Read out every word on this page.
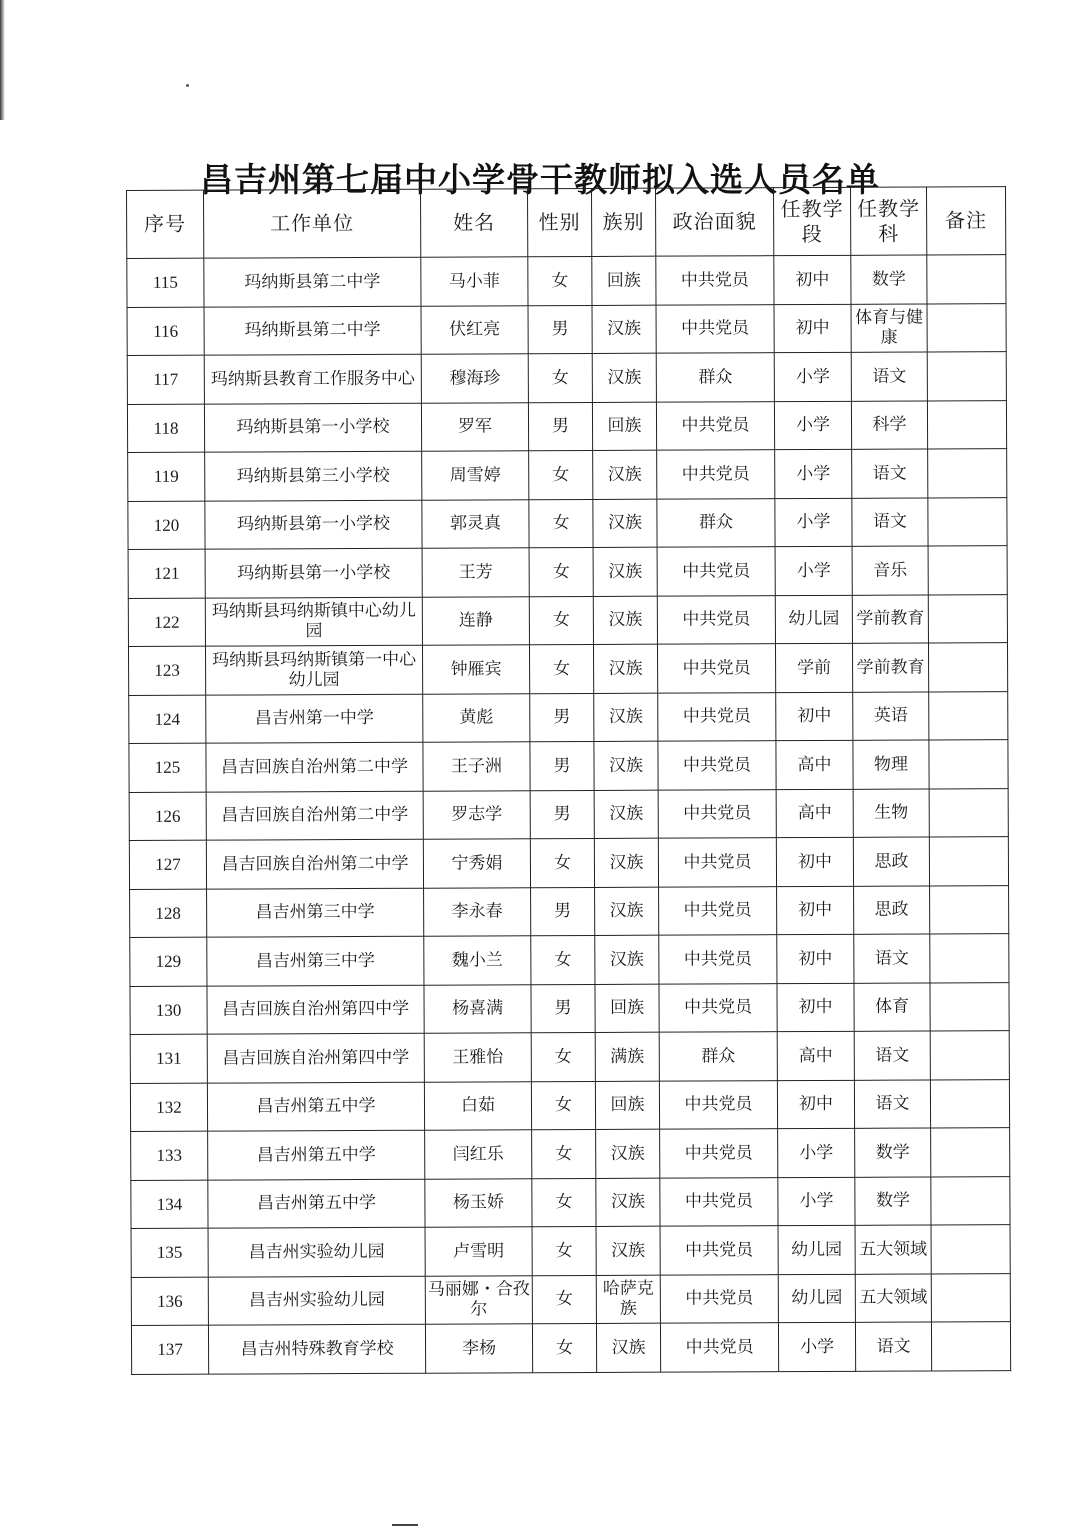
昌吉州第七届中小学骨干教师拟入选人员名单
序号	工作单位	姓名	性别	族别	政治面貌	任教学段	任教学科	备注
115	玛纳斯县第二中学	马小菲	女	回族	中共党员	初中	数学	
116	玛纳斯县第二中学	伏红亮	男	汉族	中共党员	初中	体育与健康	
117	玛纳斯县教育工作服务中心	穆海珍	女	汉族	群众	小学	语文	
118	玛纳斯县第一小学校	罗军	男	回族	中共党员	小学	科学	
119	玛纳斯县第三小学校	周雪婷	女	汉族	中共党员	小学	语文	
120	玛纳斯县第一小学校	郭灵真	女	汉族	群众	小学	语文	
121	玛纳斯县第一小学校	王芳	女	汉族	中共党员	小学	音乐	
122	玛纳斯县玛纳斯镇中心幼儿园	连静	女	汉族	中共党员	幼儿园	学前教育	
123	玛纳斯县玛纳斯镇第一中心幼儿园	钟雁宾	女	汉族	中共党员	学前	学前教育	
124	昌吉州第一中学	黄彪	男	汉族	中共党员	初中	英语	
125	昌吉回族自治州第二中学	王子洲	男	汉族	中共党员	高中	物理	
126	昌吉回族自治州第二中学	罗志学	男	汉族	中共党员	高中	生物	
127	昌吉回族自治州第二中学	宁秀娟	女	汉族	中共党员	初中	思政	
128	昌吉州第三中学	李永春	男	汉族	中共党员	初中	思政	
129	昌吉州第三中学	魏小兰	女	汉族	中共党员	初中	语文	
130	昌吉回族自治州第四中学	杨喜满	男	回族	中共党员	初中	体育	
131	昌吉回族自治州第四中学	王雅怡	女	满族	群众	高中	语文	
132	昌吉州第五中学	白茹	女	回族	中共党员	初中	语文	
133	昌吉州第五中学	闫红乐	女	汉族	中共党员	小学	数学	
134	昌吉州第五中学	杨玉娇	女	汉族	中共党员	小学	数学	
135	昌吉州实验幼儿园	卢雪明	女	汉族	中共党员	幼儿园	五大领域	
136	昌吉州实验幼儿园	马丽娜・合孜尔	女	哈萨克族	中共党员	幼儿园	五大领域	
137	昌吉州特殊教育学校	李杨	女	汉族	中共党员	小学	语文	
